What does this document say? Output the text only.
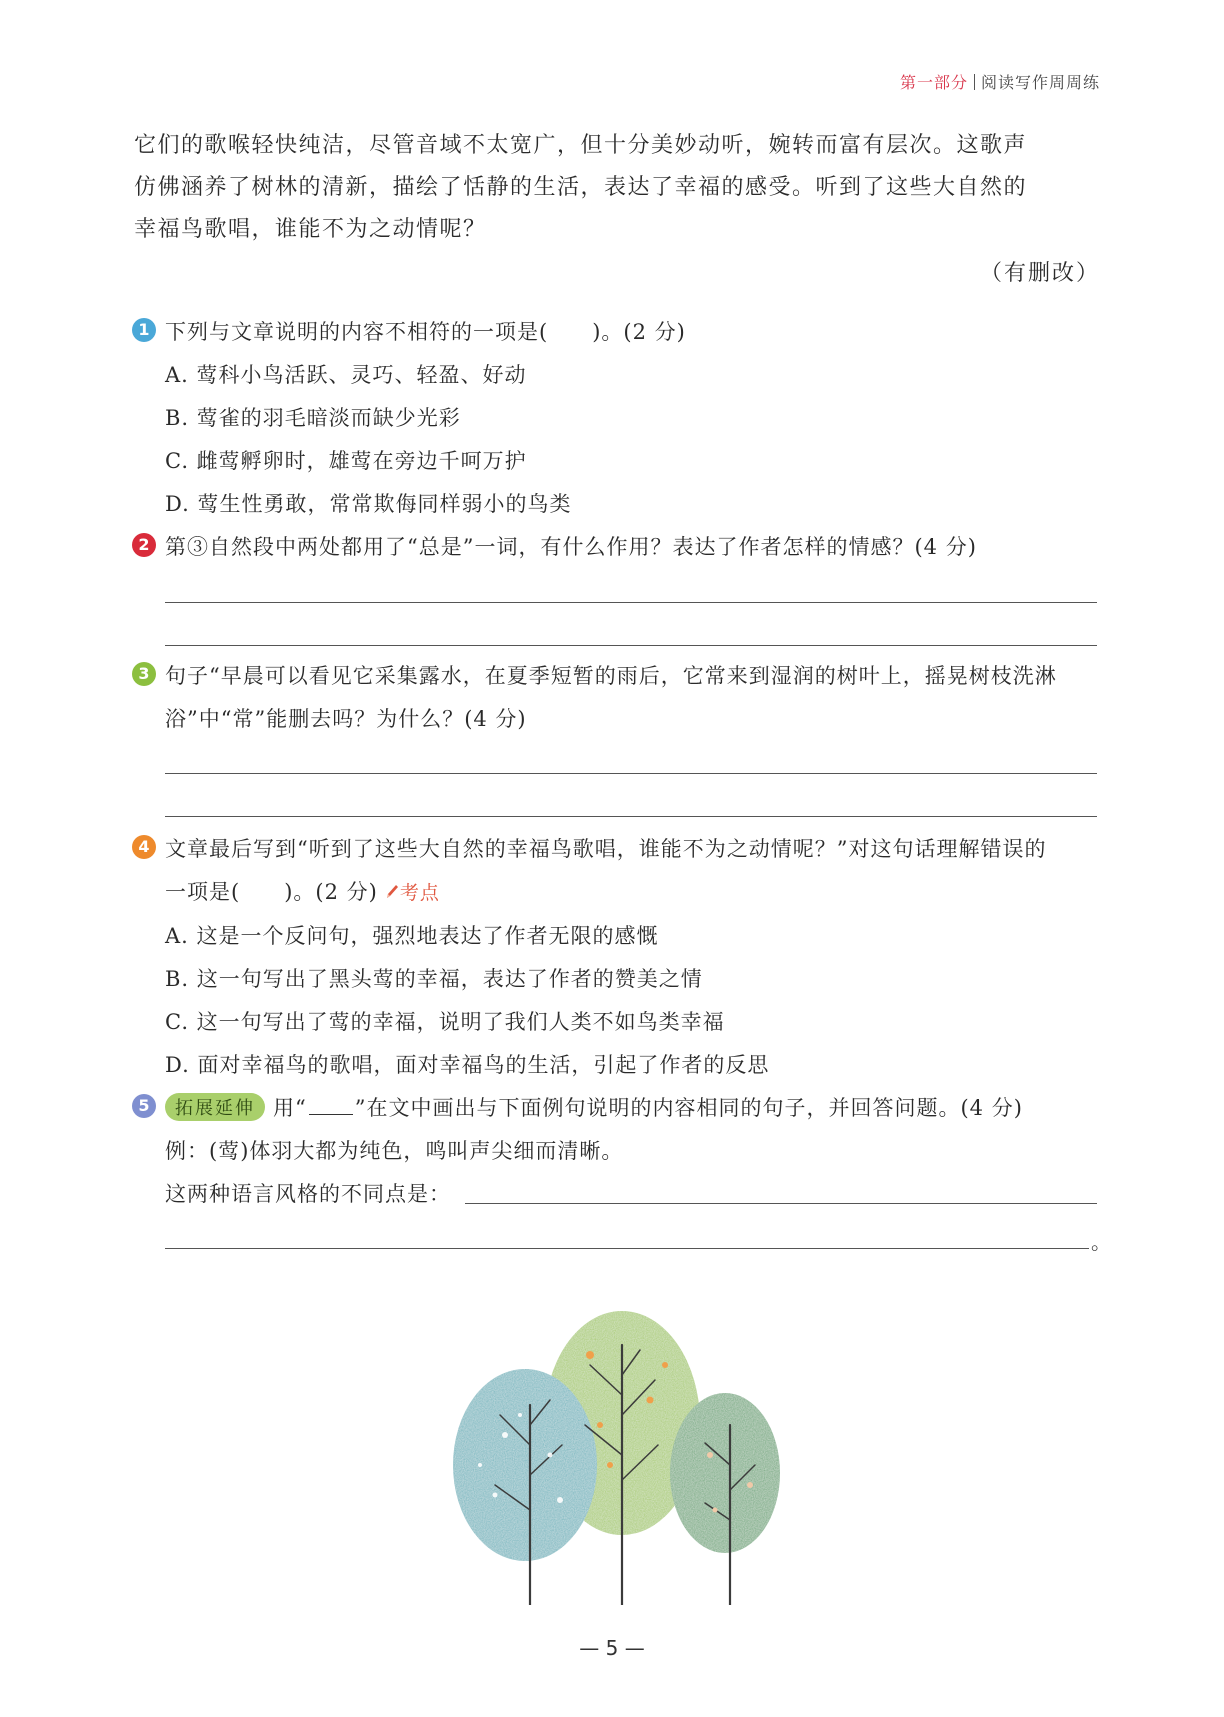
第一部分 阅读写作周周练
它们的歌喉轻快纯洁，尽管音域不太宽广，但十分美妙动听，婉转而富有层次。这歌声
仿佛涵养了树林的清新，描绘了恬静的生活，表达了幸福的感受。听到了这些大自然的
幸福鸟歌唱，谁能不为之动情呢？
（有删改）
1 下列与文章说明的内容不相符的一项是(　　)。(2 分)
A. 莺科小鸟活跃、灵巧、轻盈、好动
B. 莺雀的羽毛暗淡而缺少光彩
C. 雌莺孵卵时，雄莺在旁边千呵万护
D. 莺生性勇敢，常常欺侮同样弱小的鸟类
2 第③自然段中两处都用了“总是”一词，有什么作用？表达了作者怎样的情感？(4 分)
3 句子“早晨可以看见它采集露水，在夏季短暂的雨后，它常来到湿润的树叶上，摇晃树枝洗淋
浴”中“常”能删去吗？为什么？(4 分)
4 文章最后写到“听到了这些大自然的幸福鸟歌唱，谁能不为之动情呢？”对这句话理解错误的
一项是(　　)。(2 分) 考点
A. 这是一个反问句，强烈地表达了作者无限的感慨
B. 这一句写出了黑头莺的幸福，表达了作者的赞美之情
C. 这一句写出了莺的幸福，说明了我们人类不如鸟类幸福
D. 面对幸福鸟的歌唱，面对幸福鸟的生活，引起了作者的反思
5	拓展延伸 用“ ”在文中画出与下面例句说明的内容相同的句子，并回答问题。(4 分)
例：(莺)体羽大都为纯色，鸣叫声尖细而清晰。
这两种语言风格的不同点是：
。
— 5 —
